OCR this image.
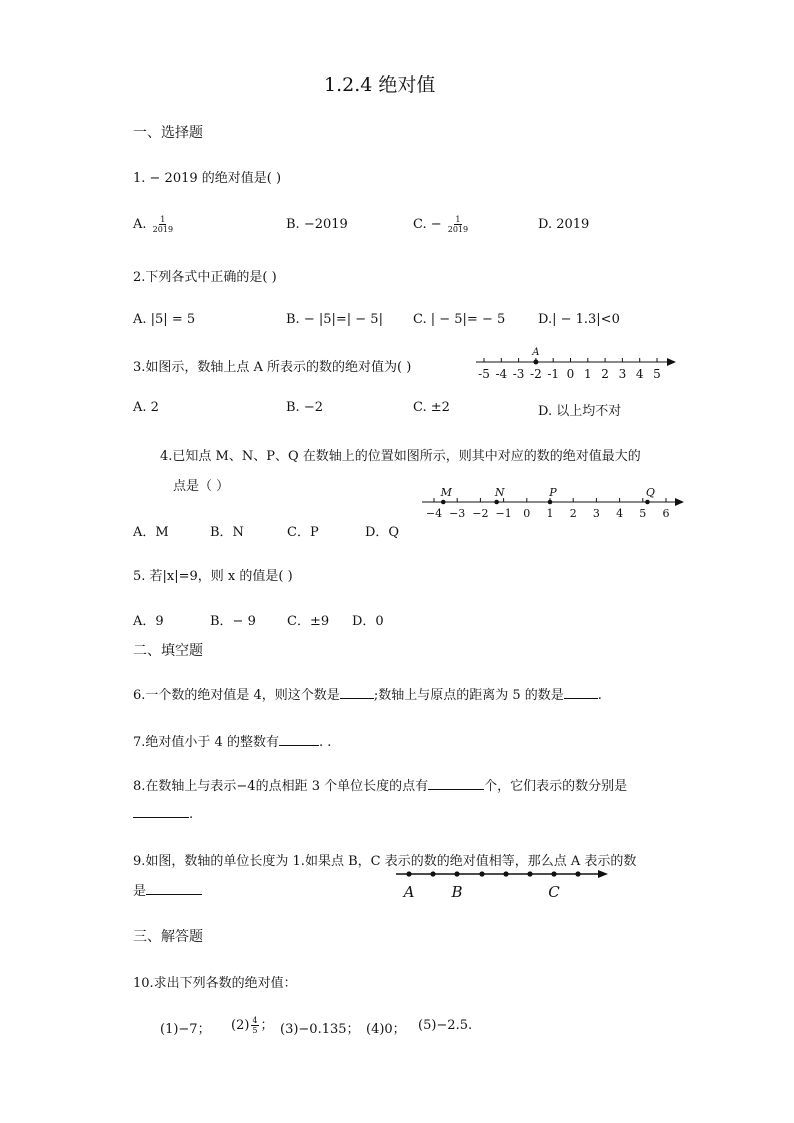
1.2.4 绝对值
一、选择题
1. − 2019 的绝对值是( )
A. $\frac{1}{2019}$	B. −2019	C. − $\frac{1}{2019}$	D. 2019
2.下列各式中正确的是( )
A. |5| = 5	B. − |5|=| − 5| C. | − 5|= − 5	D.| − 1.3|<0
3.如图示，数轴上点 A 所表示的数的绝对值为( )	-5 -4 -3 -2 -1 0 1 2 3 4 5
A
A. 2	B. −2	C. ±2	D. 以上均不对
4.已知点 M、N、P、Q 在数轴上的位置如图所示，则其中对应的数的绝对值最大的
点是（ ）
−4 −3 −2 −1 0 1 2 3 4 5 6
M	N	P	Q
A．M	B．N	C．P	D．Q
5. 若|x|=9，则 x 的值是( )
A．9	B．− 9 C．±9 D．0
二、填空题
6.一个数的绝对值是 4，则这个数是	;数轴上与原点的距离为 5 的数是	.
7.绝对值小于 4 的整数有	. .
8.在数轴上与表示−4的点相距 3 个单位长度的点有	个，它们表示的数分别是
.
9.如图，数轴的单位长度为 1.如果点 B，C 表示的数的绝对值相等，那么点 A 表示的数
是	A B	C
三、解答题
10.求出下列各数的绝对值：
(1)−7； $(2) \frac{4}{5}$ ； (3)−0.135； (4)0； (5)−2.5.
